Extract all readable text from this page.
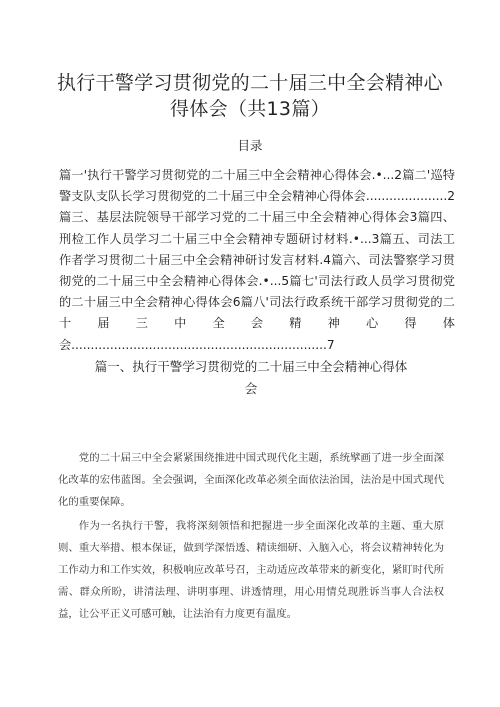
执行干警学习贯彻党的二十届三中全会精神心
得体会（共13篇）
目录
篇一'执行干警学习贯彻党的二十届三中全会精神心得体会.•...2篇二'巡特警支队支队长学习贯彻党的二十届三中全会精神心得体会.....................2篇三、基层法院领导干部学习党的二十届三中全会精神心得体会3篇四、刑检工作人员学习二十届三中全会精神专题研讨材料.•...3篇五、司法工作者学习贯彻二十届三中全会精神研讨发言材料.4篇六、司法警察学习贯彻党的二十届三中全会精神心得体会.•...5篇七'司法行政人员学习贯彻党的二十届三中全会精神心得体会6篇八'司法行政系统干部学习贯彻党的二十届三中全会精神心得体会..................................................................7
篇一、执行干警学习贯彻党的二十届三中全会精神心得体
会

党的二十届三中全会紧紧围绕推进中国式现代化主题，系统擘画了进一步全面深化改革的宏伟蓝图。全会强调，全面深化改革必须全面依法治国，法治是中国式现代化的重要保障。

作为一名执行干警，我将深刻领悟和把握进一步全面深化改革的主题、重大原则、重大举措、根本保证，做到学深悟透、精读细研、入脑入心，将会议精神转化为工作动力和工作实效，积极响应改革号召，主动适应改革带来的新变化，紧盯时代所需、群众所盼，讲清法理、讲明事理、讲透情理，用心用情兑现胜诉当事人合法权益，让公平正义可感可触，让法治有力度更有温度。
